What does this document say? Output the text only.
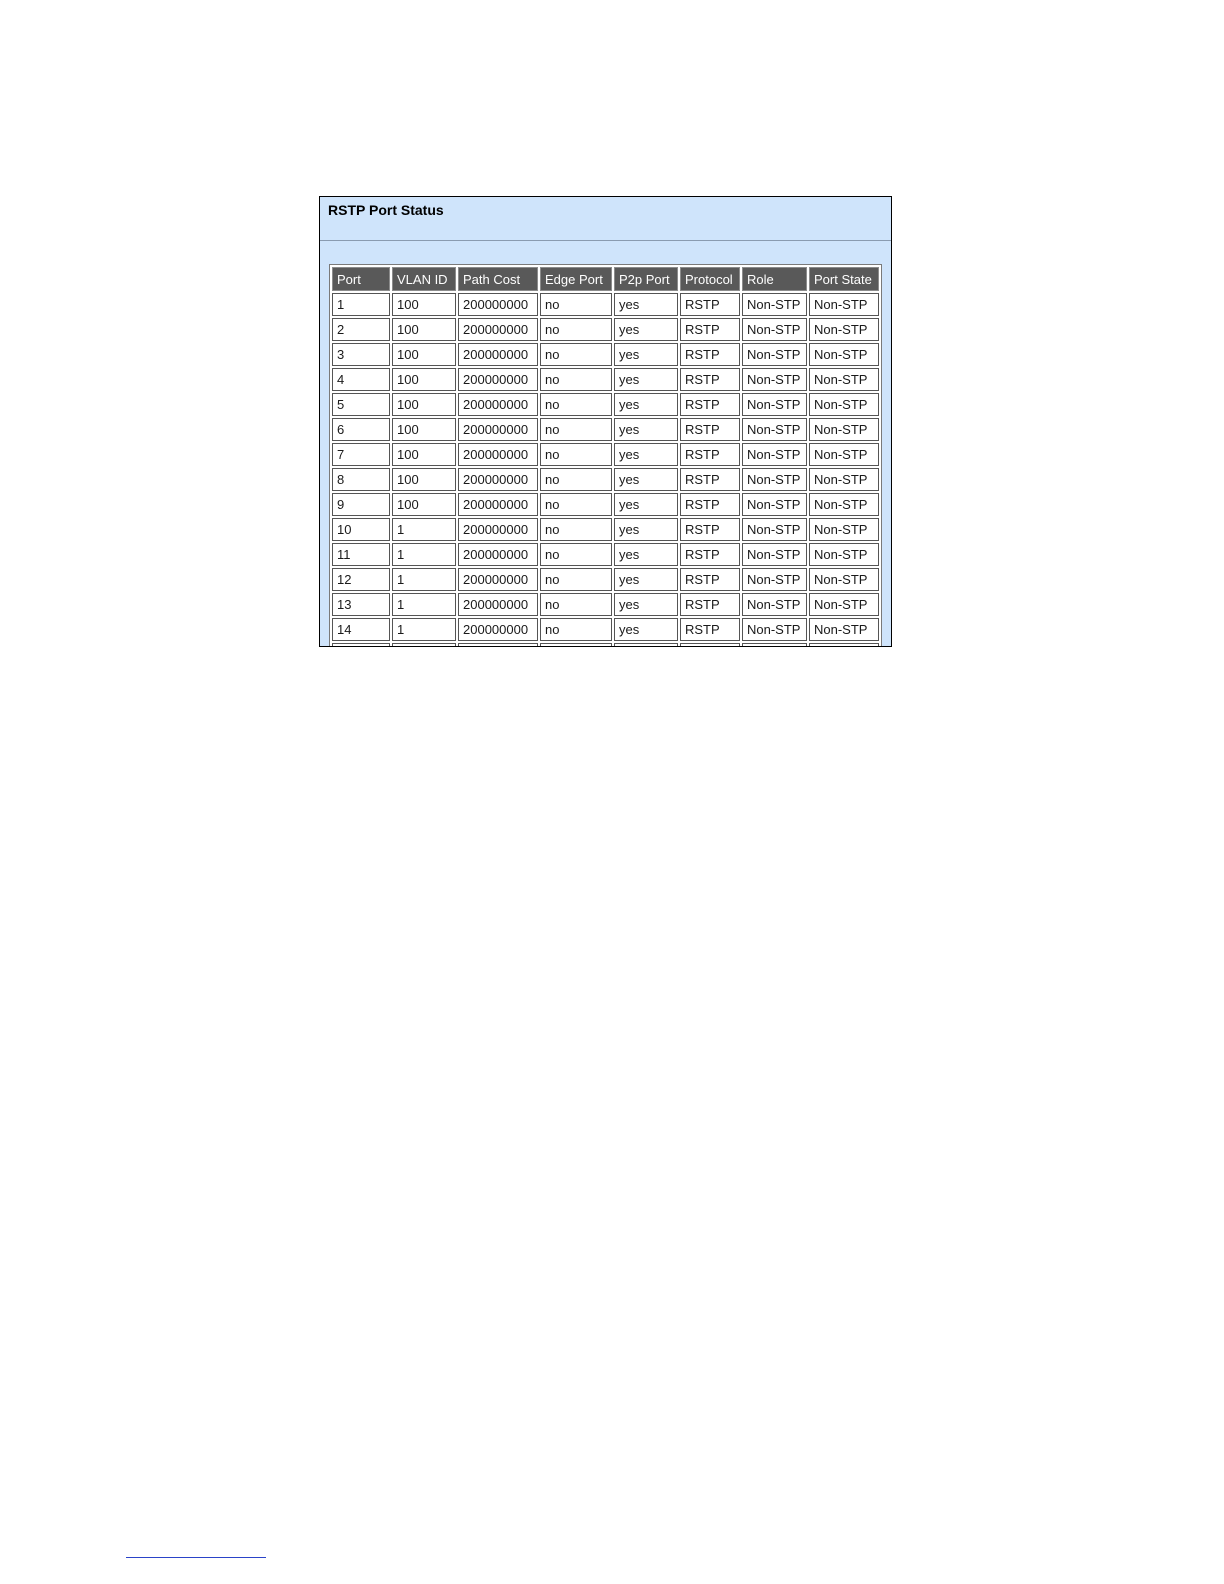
RSTP Port Status
Port	VLAN ID	Path Cost	Edge Port	P2p Port	Protocol	Role	Port State
1	100	200000000	no	yes	RSTP	Non-STP	Non-STP
2	100	200000000	no	yes	RSTP	Non-STP	Non-STP
3	100	200000000	no	yes	RSTP	Non-STP	Non-STP
4	100	200000000	no	yes	RSTP	Non-STP	Non-STP
5	100	200000000	no	yes	RSTP	Non-STP	Non-STP
6	100	200000000	no	yes	RSTP	Non-STP	Non-STP
7	100	200000000	no	yes	RSTP	Non-STP	Non-STP
8	100	200000000	no	yes	RSTP	Non-STP	Non-STP
9	100	200000000	no	yes	RSTP	Non-STP	Non-STP
10	1	200000000	no	yes	RSTP	Non-STP	Non-STP
11	1	200000000	no	yes	RSTP	Non-STP	Non-STP
12	1	200000000	no	yes	RSTP	Non-STP	Non-STP
13	1	200000000	no	yes	RSTP	Non-STP	Non-STP
14	1	200000000	no	yes	RSTP	Non-STP	Non-STP
